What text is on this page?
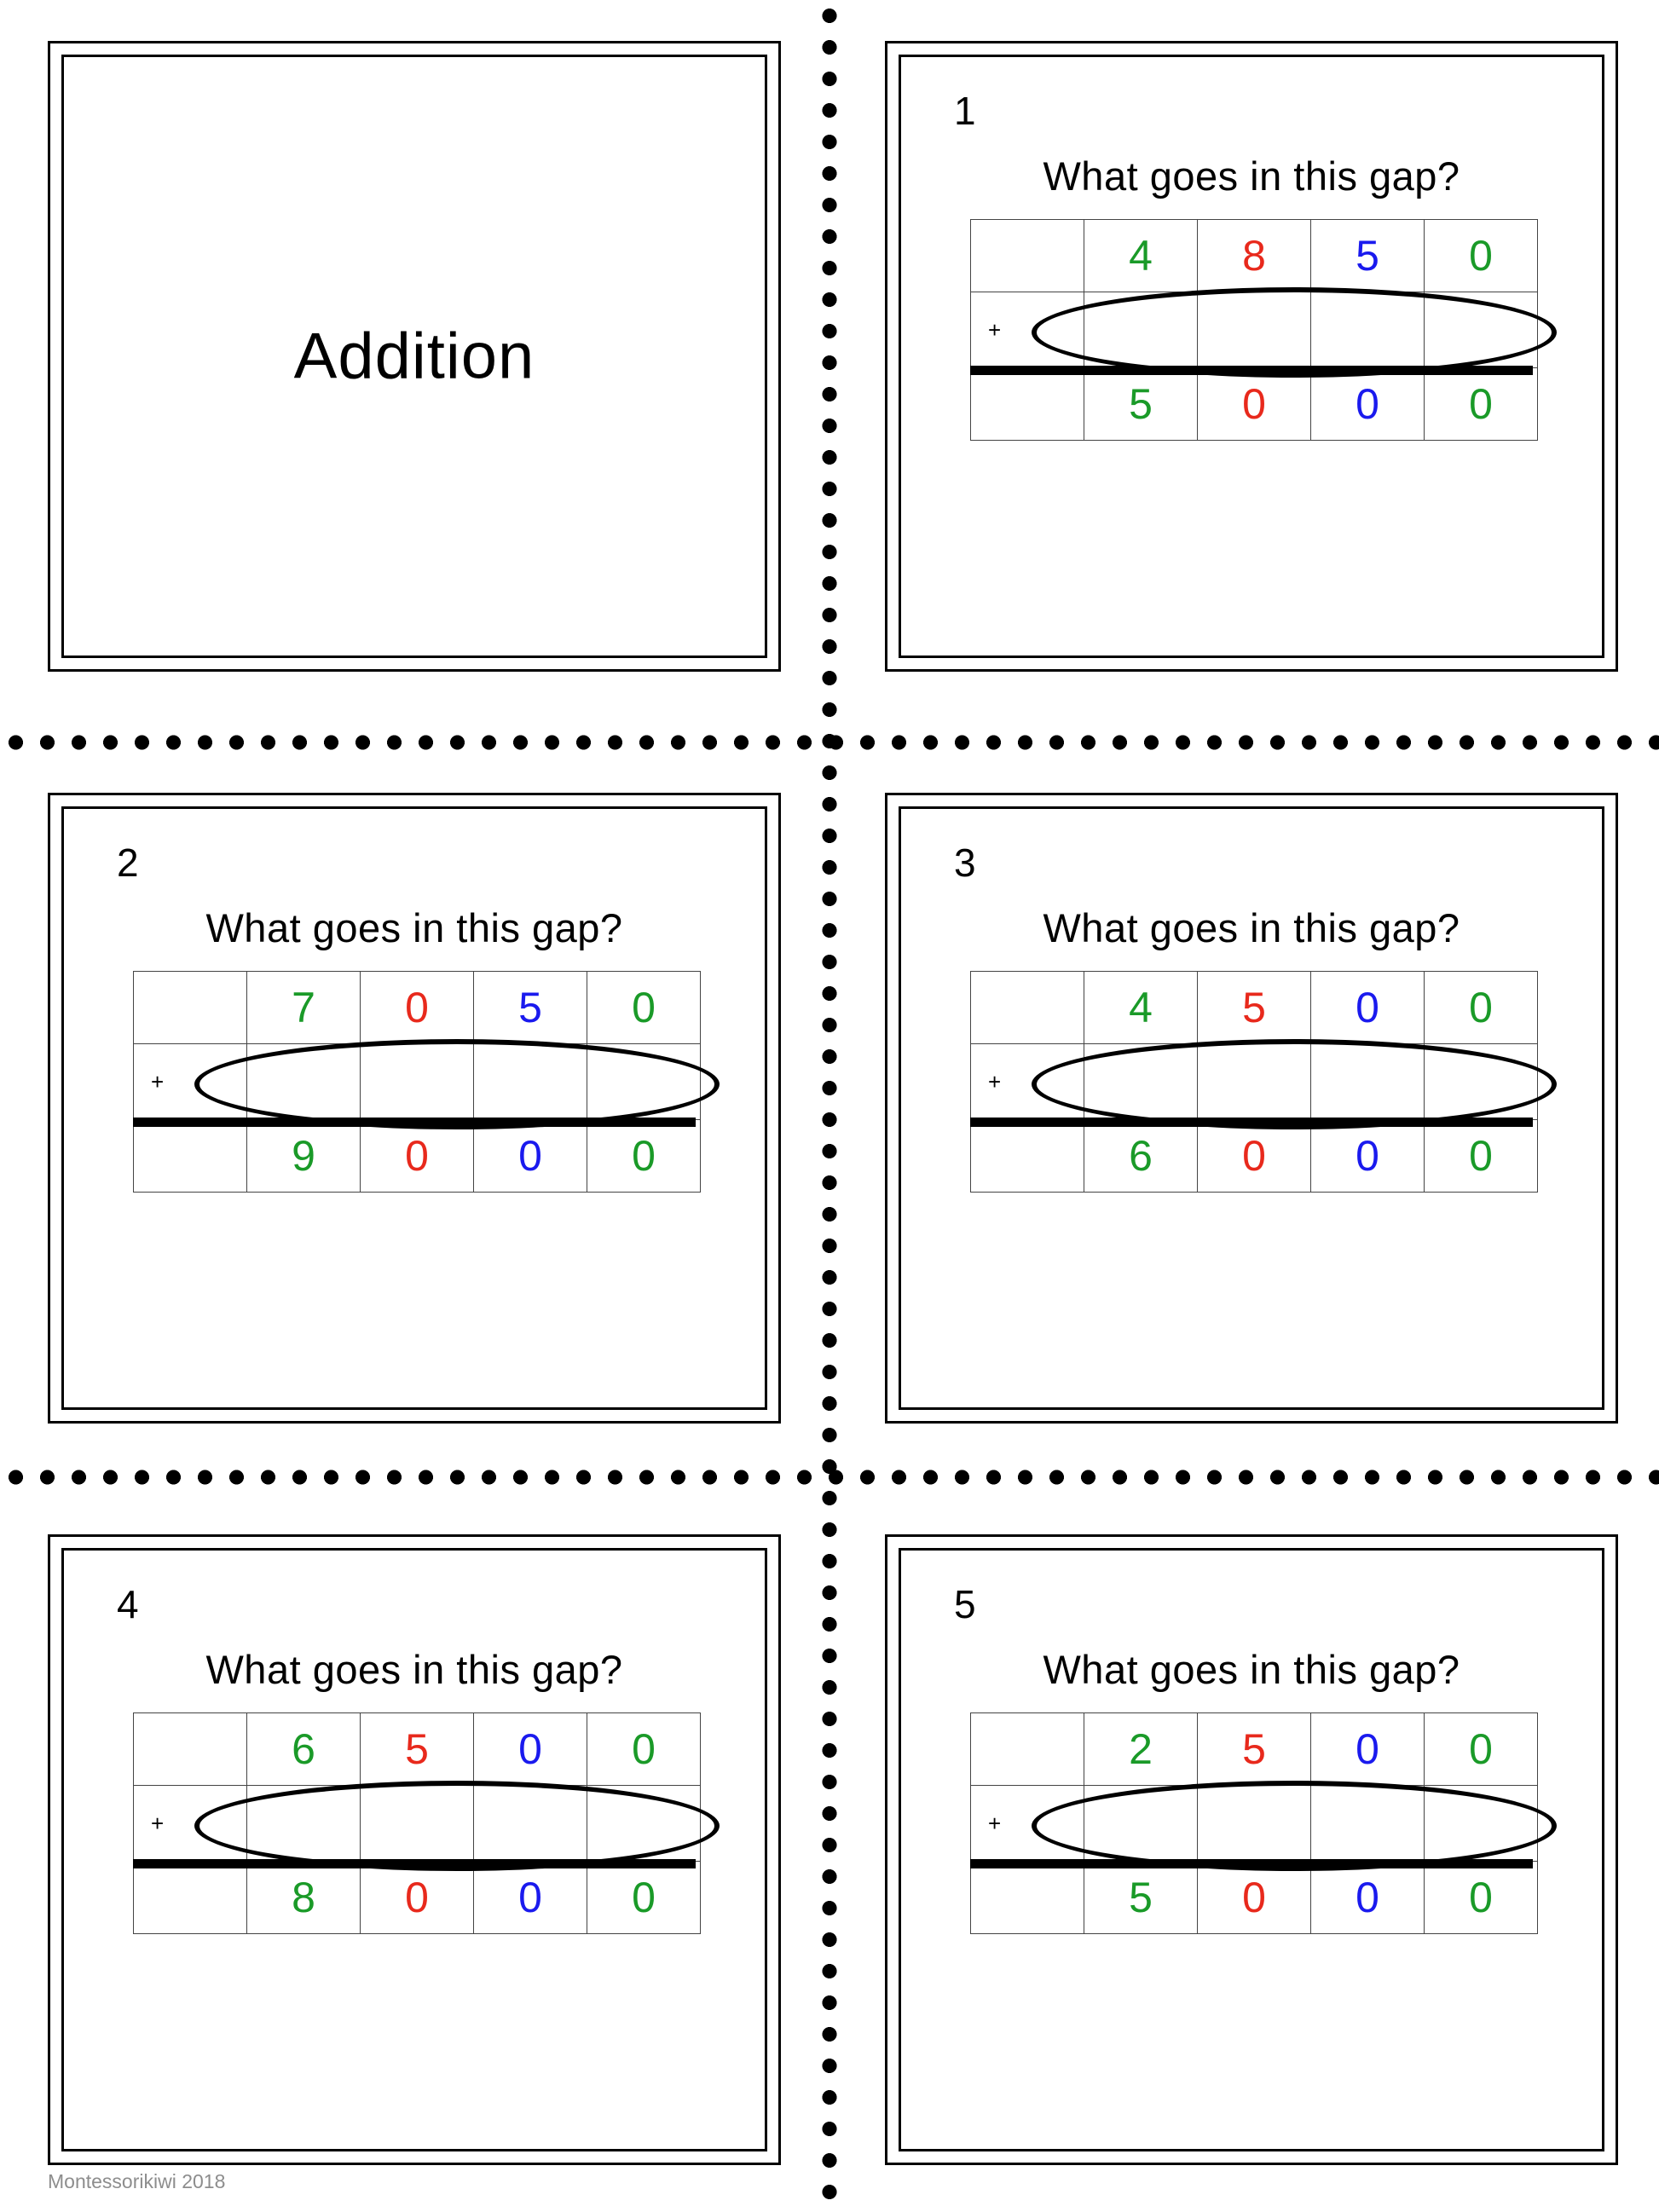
Addition
1
What goes in this gap?
	4	8	5	0
+				
	5	0	0	0
2
What goes in this gap?
	7	0	5	0
+				
	9	0	0	0
3
What goes in this gap?
	4	5	0	0
+				
	6	0	0	0
4
What goes in this gap?
	6	5	0	0
+				
	8	0	0	0
5
What goes in this gap?
	2	5	0	0
+				
	5	0	0	0
Montessorikiwi 2018
